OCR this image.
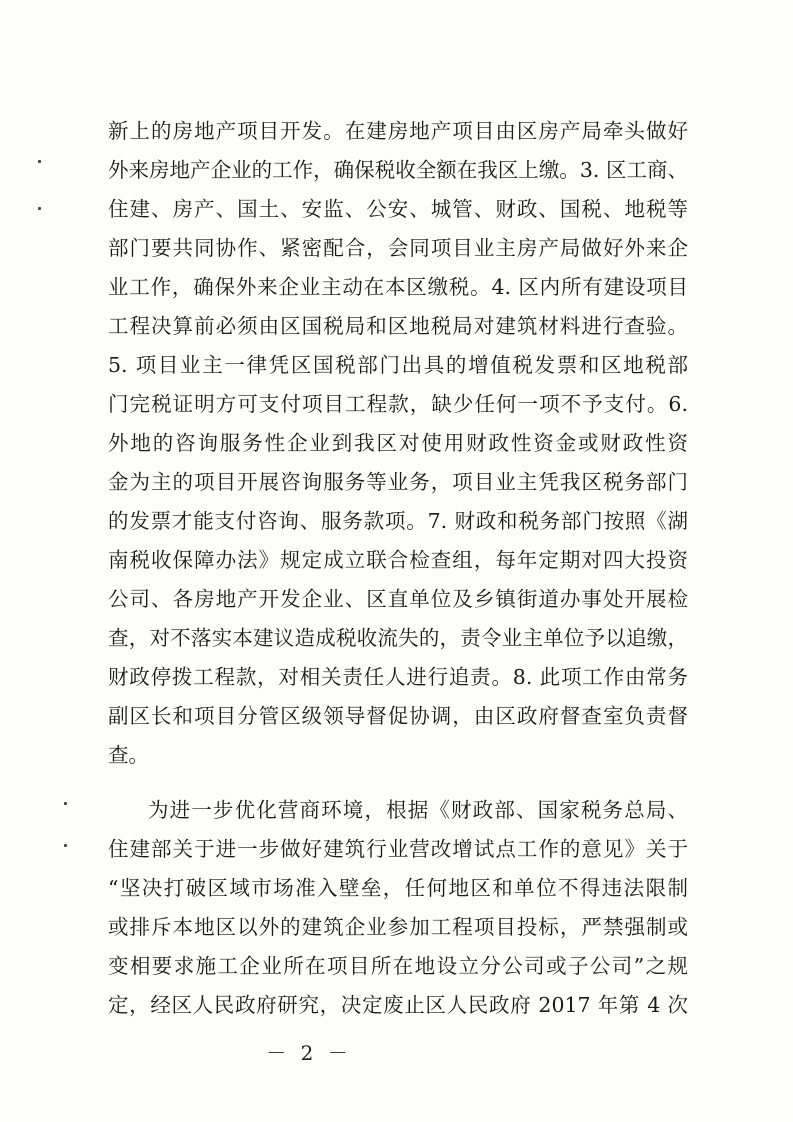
新上的房地产项目开发。在建房地产项目由区房产局牵头做好
外来房地产企业的工作，确保税收全额在我区上缴。3. 区工商、
住建、房产、国土、安监、公安、城管、财政、国税、地税等
部门要共同协作、紧密配合，会同项目业主房产局做好外来企
业工作，确保外来企业主动在本区缴税。4. 区内所有建设项目
工程决算前必须由区国税局和区地税局对建筑材料进行查验。
5. 项目业主一律凭区国税部门出具的增值税发票和区地税部
门完税证明方可支付项目工程款，缺少任何一项不予支付。6.
外地的咨询服务性企业到我区对使用财政性资金或财政性资
金为主的项目开展咨询服务等业务，项目业主凭我区税务部门
的发票才能支付咨询、服务款项。7. 财政和税务部门按照《湖
南税收保障办法》规定成立联合检查组，每年定期对四大投资
公司、各房地产开发企业、区直单位及乡镇街道办事处开展检
查，对不落实本建议造成税收流失的，责令业主单位予以追缴，
财政停拨工程款，对相关责任人进行追责。8. 此项工作由常务
副区长和项目分管区级领导督促协调，由区政府督查室负责督
查。
为进一步优化营商环境，根据《财政部、国家税务总局、
住建部关于进一步做好建筑行业营改增试点工作的意见》关于
“坚决打破区域市场准入壁垒，任何地区和单位不得违法限制
或排斥本地区以外的建筑企业参加工程项目投标，严禁强制或
变相要求施工企业所在项目所在地设立分公司或子公司”之规
定，经区人民政府研究，决定废止区人民政府 2017 年第 4 次
－ 2 －
